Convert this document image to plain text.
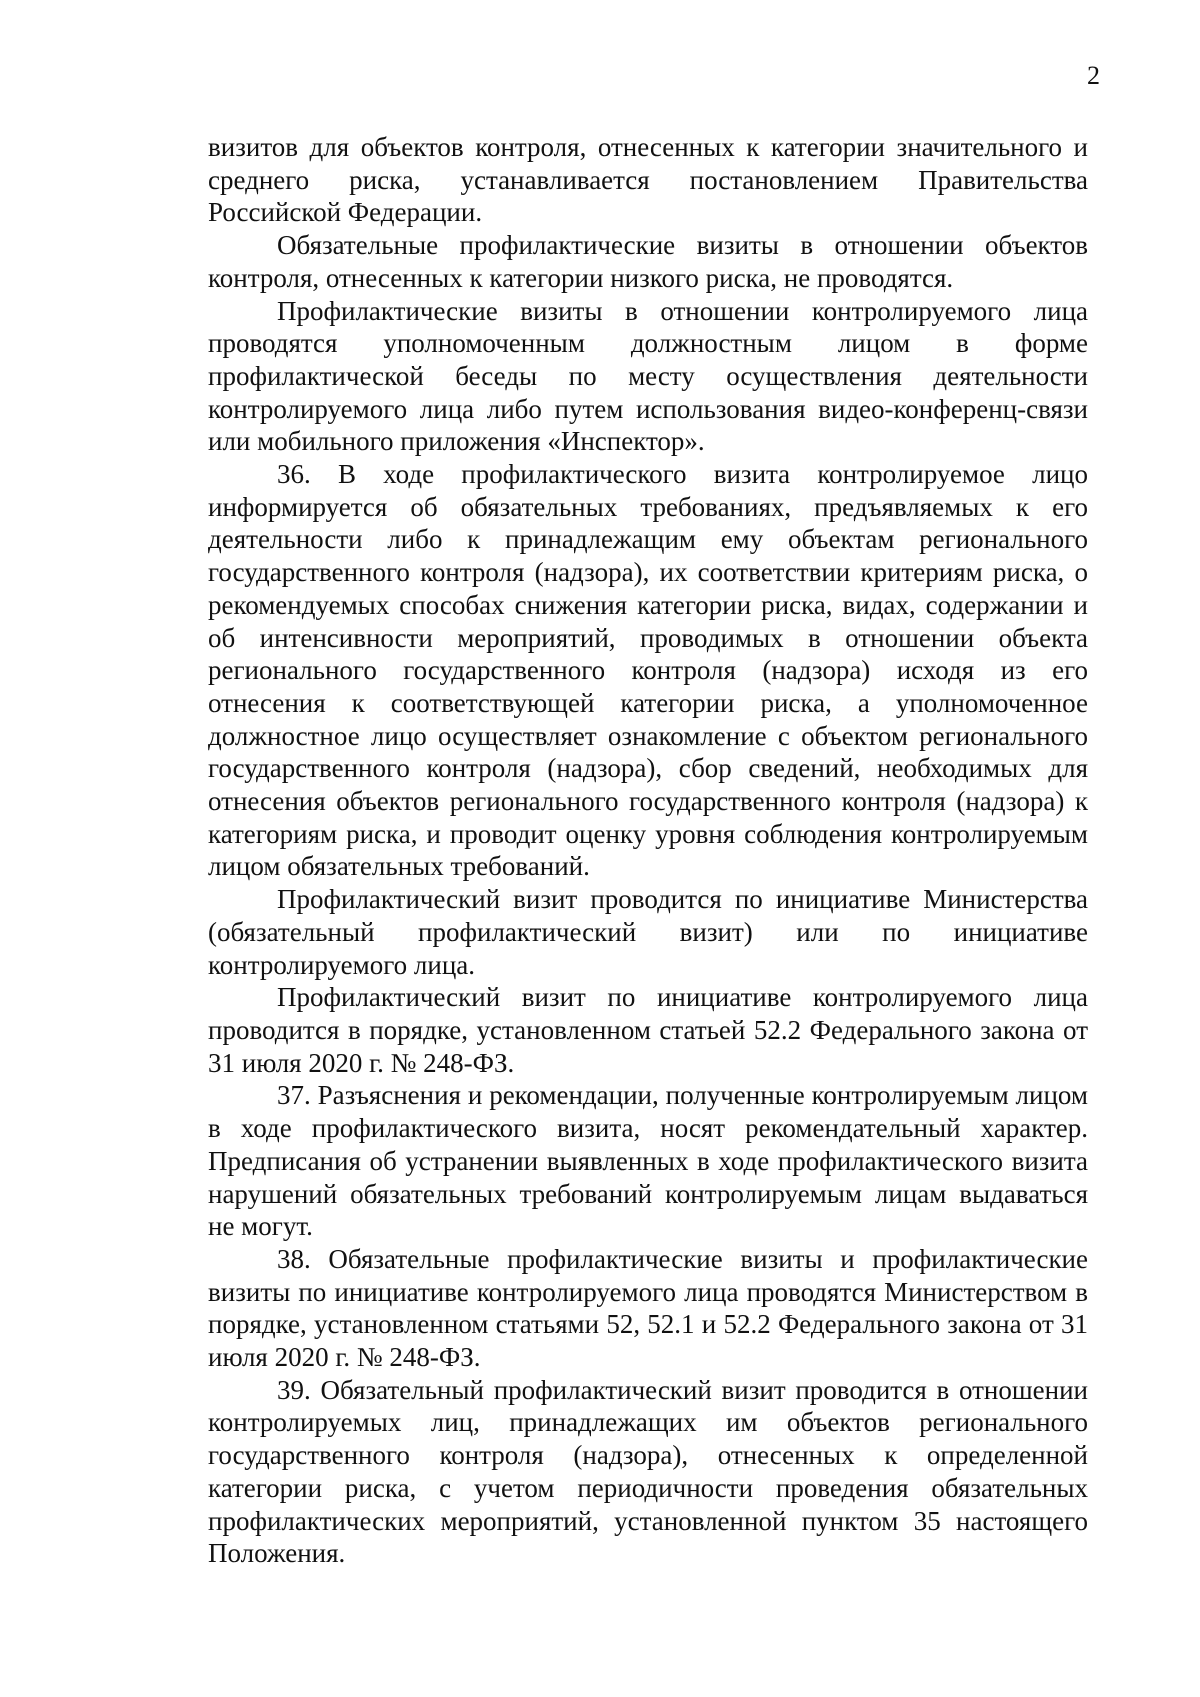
2

визитов для объектов контроля, отнесенных к категории значительного и среднего риска, устанавливается постановлением Правительства Российской Федерации.

Обязательные профилактические визиты в отношении объектов контроля, отнесенных к категории низкого риска, не проводятся.

Профилактические визиты в отношении контролируемого лица проводятся уполномоченным должностным лицом в форме профилактической беседы по месту осуществления деятельности контролируемого лица либо путем использования видео-конференц-связи или мобильного приложения «Инспектор».

36. В ходе профилактического визита контролируемое лицо информируется об обязательных требованиях, предъявляемых к его деятельности либо к принадлежащим ему объектам регионального государственного контроля (надзора), их соответствии критериям риска, о рекомендуемых способах снижения категории риска, видах, содержании и об интенсивности мероприятий, проводимых в отношении объекта регионального государственного контроля (надзора) исходя из его отнесения к соответствующей категории риска, а уполномоченное должностное лицо осуществляет ознакомление с объектом регионального государственного контроля (надзора), сбор сведений, необходимых для отнесения объектов регионального государственного контроля (надзора) к категориям риска, и проводит оценку уровня соблюдения контролируемым лицом обязательных требований.

Профилактический визит проводится по инициативе Министерства (обязательный профилактический визит) или по инициативе контролируемого лица.

Профилактический визит по инициативе контролируемого лица проводится в порядке, установленном статьей 52.2 Федерального закона от 31 июля 2020 г. № 248-ФЗ.

37. Разъяснения и рекомендации, полученные контролируемым лицом в ходе профилактического визита, носят рекомендательный характер. Предписания об устранении выявленных в ходе профилактического визита нарушений обязательных требований контролируемым лицам выдаваться не могут.

38. Обязательные профилактические визиты и профилактические визиты по инициативе контролируемого лица проводятся Министерством в порядке, установленном статьями 52, 52.1 и 52.2 Федерального закона от 31 июля 2020 г. № 248-ФЗ.

39. Обязательный профилактический визит проводится в отношении контролируемых лиц, принадлежащих им объектов регионального государственного контроля (надзора), отнесенных к определенной категории риска, с учетом периодичности проведения обязательных профилактических мероприятий, установленной пунктом 35 настоящего Положения.
